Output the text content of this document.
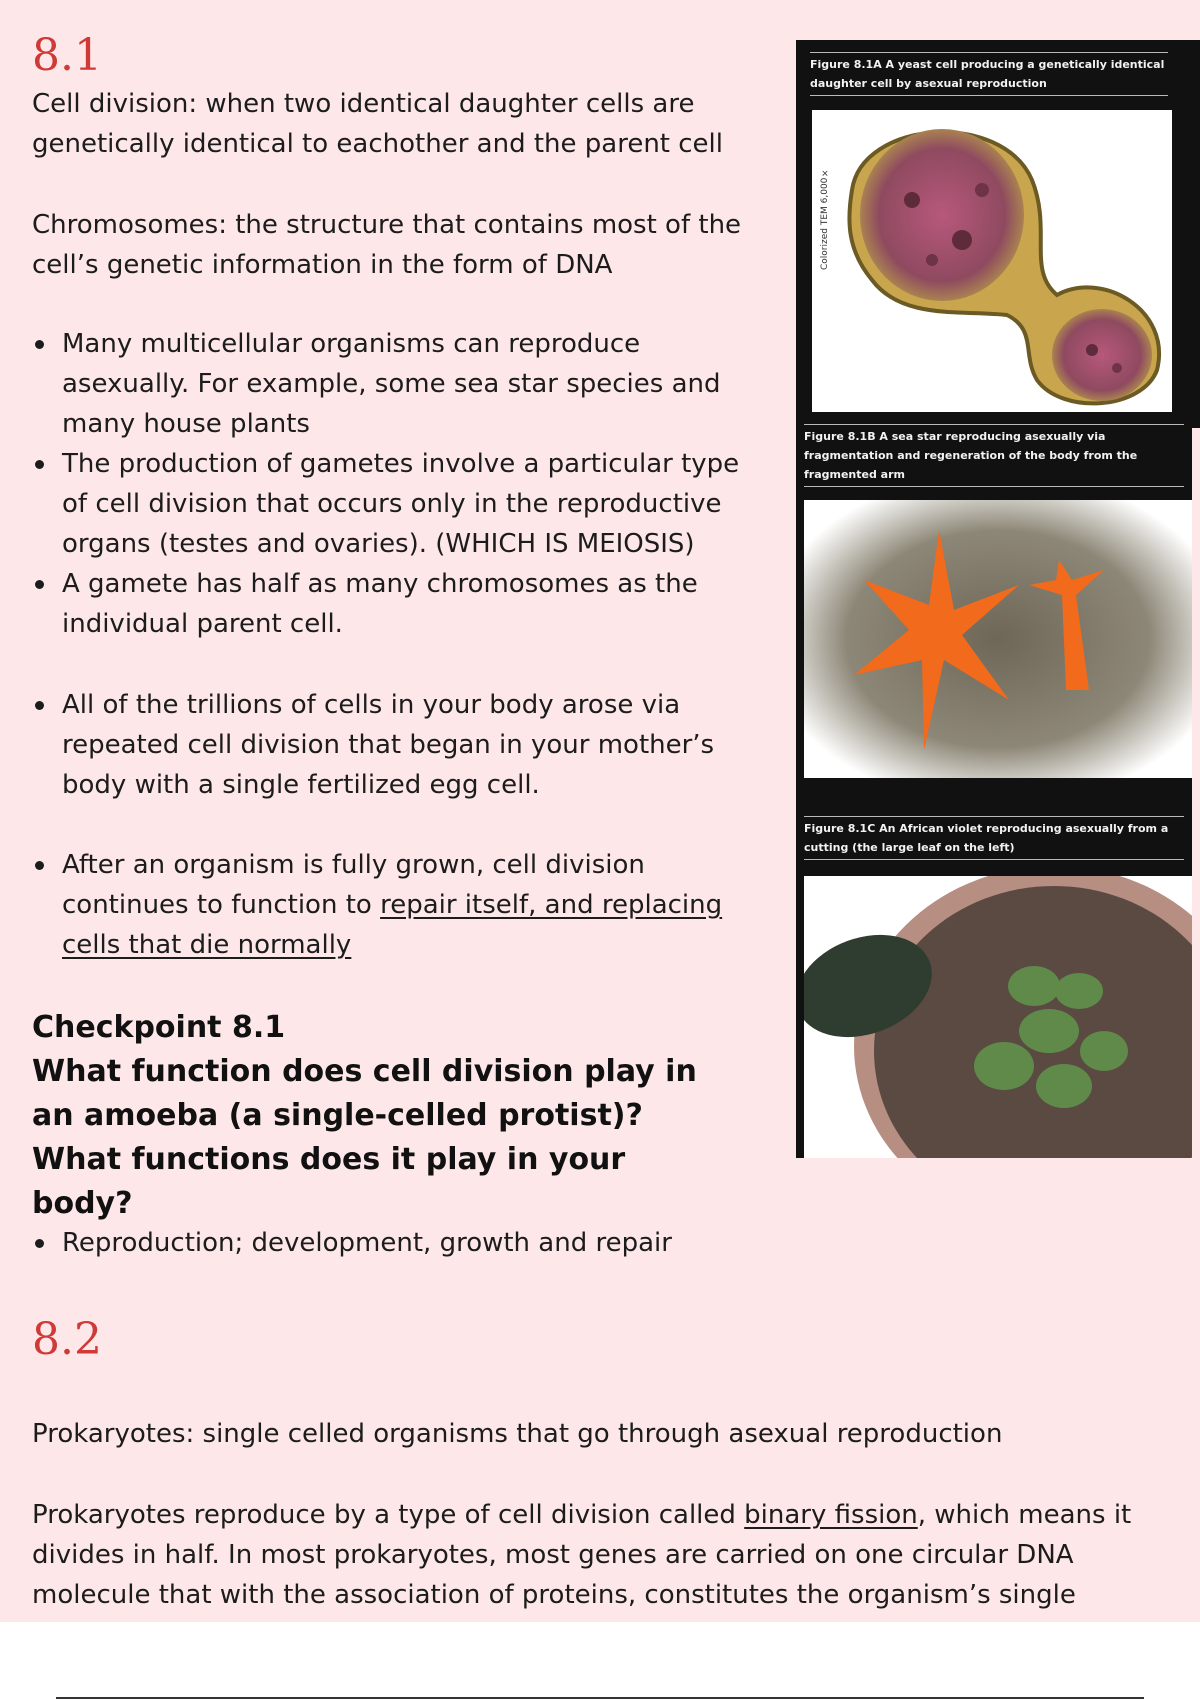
8.1

Cell division: when two identical daughter cells are genetically identical to eachother and the parent cell

Chromosomes: the structure that contains most of the cell’s genetic information in the form of DNA

Many multicellular organisms can reproduce asexually. For example, some sea star species and many house plants
The production of gametes involve a particular type of cell division that occurs only in the reproductive organs (testes and ovaries). (WHICH IS MEIOSIS)
A gamete has half as many chromosomes as the individual parent cell.
All of the trillions of cells in your body arose via repeated cell division that began in your mother’s body with a single fertilized egg cell.
After an organism is fully grown, cell division continues to function to repair itself, and replacing cells that die normally
Checkpoint 8.1
What function does cell division play in an amoeba (a single-celled protist)? What functions does it play in your body?
Reproduction; development, growth and repair
8.2

Prokaryotes: single celled organisms that go through asexual reproduction

Prokaryotes reproduce by a type of cell division called binary fission, which means it divides in half. In most prokaryotes, most genes are carried on one circular DNA molecule that with the association of proteins, constitutes the organism’s single

Figure 8.1A A yeast cell producing a genetically identical daughter cell by asexual reproduction
Colorized TEM 6,000×
Figure 8.1B A sea star reproducing asexually via fragmentation and regeneration of the body from the fragmented arm
Figure 8.1C An African violet reproducing asexually from a cutting (the large leaf on the left)
